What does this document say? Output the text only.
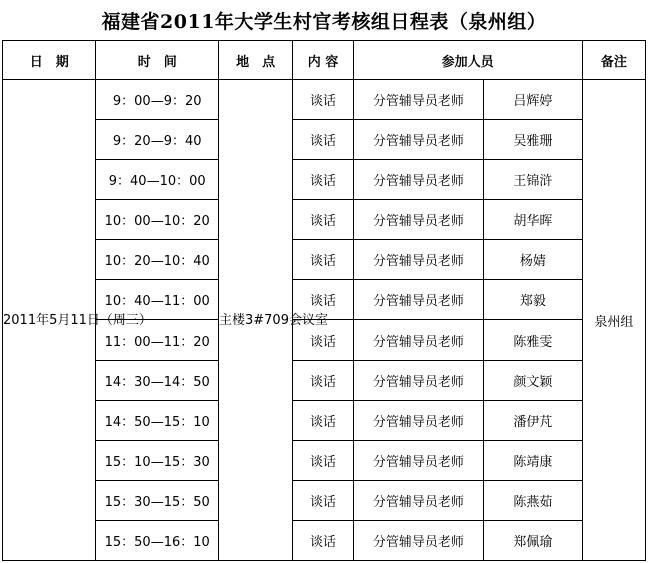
福建省2011年大学生村官考核组日程表（泉州组）
日　期	时　间	地　点	内 容	参加人员		备注
2011年5月11日（周三）	9：00—9：20	主楼3#709会议室	谈话	分管辅导员老师	吕辉婷	泉州组
	9：20—9：40		谈话	分管辅导员老师	吴雅珊	
	9：40—10：00		谈话	分管辅导员老师	王锦浒	
	10：00—10：20		谈话	分管辅导员老师	胡华晖	
	10：20—10：40		谈话	分管辅导员老师	杨婧	
	10：40—11：00		谈话	分管辅导员老师	郑毅	
	11：00—11：20		谈话	分管辅导员老师	陈雅雯	
	14：30—14：50		谈话	分管辅导员老师	颜文颖	
	14：50—15：10		谈话	分管辅导员老师	潘伊芃	
	15：10—15：30		谈话	分管辅导员老师	陈靖康	
	15：30—15：50		谈话	分管辅导员老师	陈燕茹	
	15：50—16：10		谈话	分管辅导员老师	郑佩瑜	
